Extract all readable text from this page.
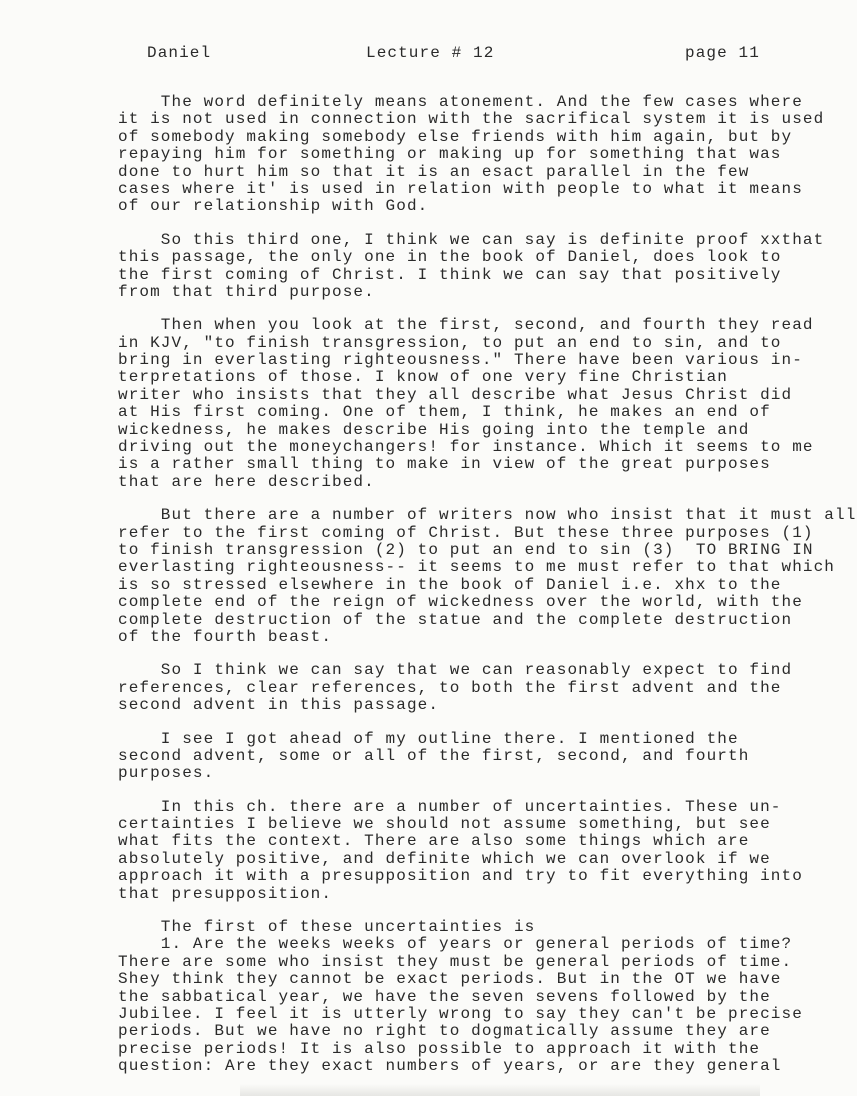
Daniel	Lecture # 12	page 11
The word definitely means atonement. And the few cases where
it is not used in connection with the sacrifical system it is used
of somebody making somebody else friends with him again, but by
repaying him for something or making up for something that was
done to hurt him so that it is an esact parallel in the few
cases where it' is used in relation with people to what it means
of our relationship with God.
So this third one, I think we can say is definite proof xxthat
this passage, the only one in the book of Daniel, does look to
the first coming of Christ. I think we can say that positively
from that third purpose.
Then when you look at the first, second, and fourth they read
in KJV, "to finish transgression, to put an end to sin, and to
bring in everlasting righteousness." There have been various in-
terpretations of those. I know of one very fine Christian
writer who insists that they all describe what Jesus Christ did
at His first coming. One of them, I think, he makes an end of
wickedness, he makes describe His going into the temple and
driving out the moneychangers! for instance. Which it seems to me
is a rather small thing to make in view of the great purposes
that are here described.
But there are a number of writers now who insist that it must all
refer to the first coming of Christ. But these three purposes (1)
to finish transgression (2) to put an end to sin (3)  TO BRING IN
everlasting righteousness-- it seems to me must refer to that which
is so stressed elsewhere in the book of Daniel i.e. xhx to the
complete end of the reign of wickedness over the world, with the
complete destruction of the statue and the complete destruction
of the fourth beast.
So I think we can say that we can reasonably expect to find
references, clear references, to both the first advent and the
second advent in this passage.
I see I got ahead of my outline there. I mentioned the
second advent, some or all of the first, second, and fourth
purposes.
In this ch. there are a number of uncertainties. These un-
certainties I believe we should not assume something, but see
what fits the context. There are also some things which are
absolutely positive, and definite which we can overlook if we
approach it with a presupposition and try to fit everything into
that presupposition.
The first of these uncertainties is
1. Are the weeks weeks of years or general periods of time?
There are some who insist they must be general periods of time.
Shey think they cannot be exact periods. But in the OT we have
the sabbatical year, we have the seven sevens followed by the
Jubilee. I feel it is utterly wrong to say they can't be precise
periods. But we have no right to dogmatically assume they are
precise periods! It is also possible to approach it with the
question: Are they exact numbers of years, or are they general
